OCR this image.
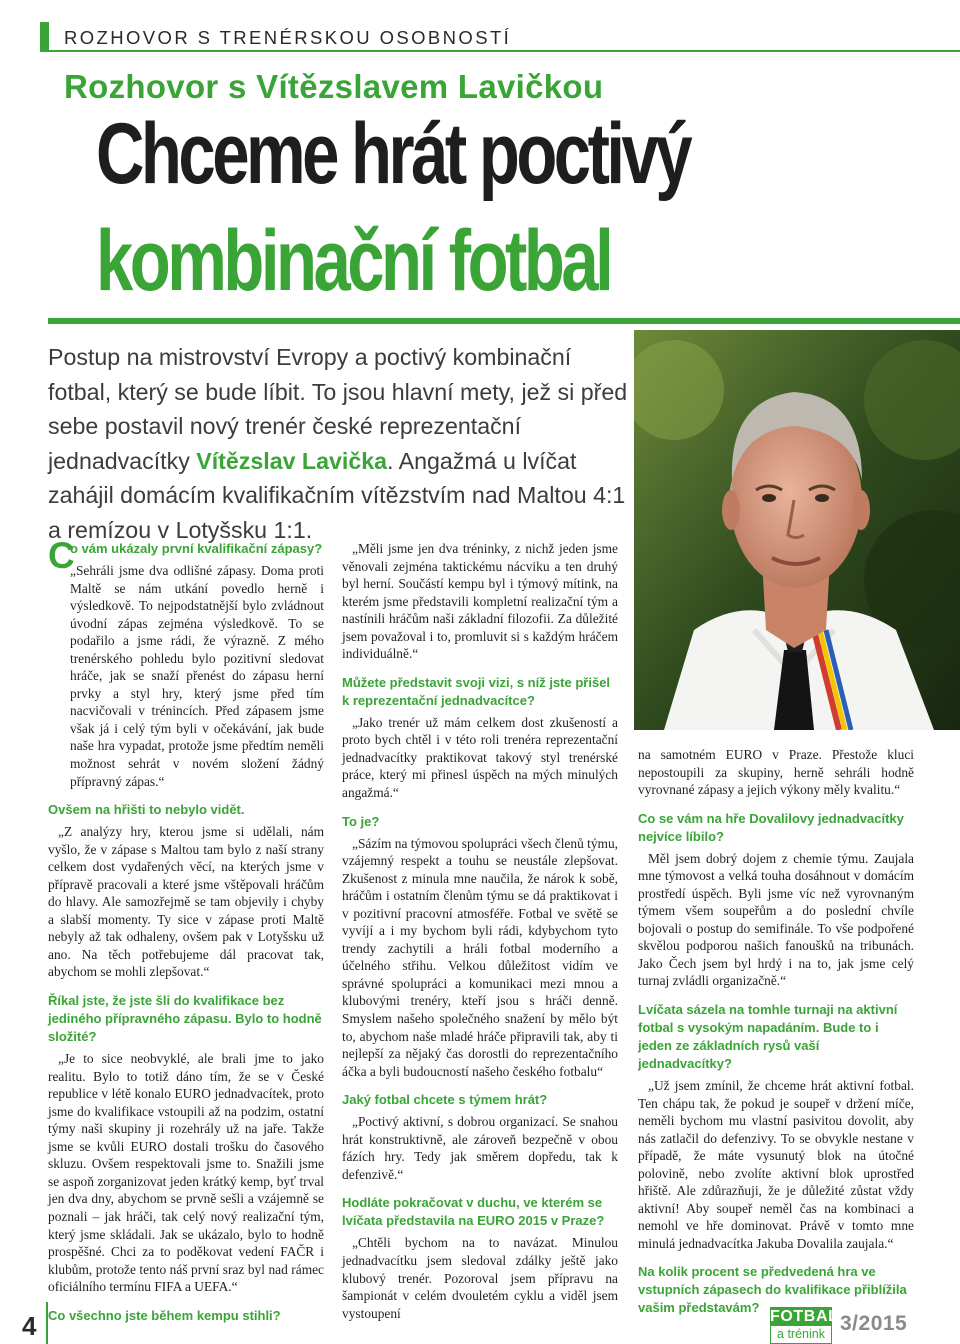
ROZHOVOR S TRENÉRSKOU OSOBNOSTÍ
Rozhovor s Vítězslavem Lavičkou
Chceme hrát poctivý
kombinační fotbal
Postup na mistrovství Evropy a poctivý kombinační fotbal, který se bude líbit. To jsou hlavní mety, jež si před sebe postavil nový trenér české reprezentační jednadvacítky Vítězslav Lavička. Angažmá u lvíčat zahájil domácím kvalifikačním vítězstvím nad Maltou 4:1 a remízou v Lotyšsku 1:1.
C
o vám ukázaly první kvalifikační zápasy?

„Sehráli jsme dva odlišné zápasy. Doma proti Maltě se nám utkání povedlo herně i výsledkově. To nejpodstatnější bylo zvládnout úvodní zápas zejména výsledkově. To se podařilo a jsme rádi, že výrazně. Z mého trenérského pohledu bylo pozitivní sledovat hráče, jak se snaží přenést do zápasu herní prvky a styl hry, který jsme před tím nacvičovali v trénincích. Před zápasem jsme však já i celý tým byli v očekávání, jak bude naše hra vypadat, protože jsme předtím neměli možnost sehrát v novém složení žádný přípravný zápas.“

Ovšem na hřišti to nebylo vidět.

„Z analýzy hry, kterou jsme si udělali, nám vyšlo, že v zápase s Maltou tam bylo z naší strany celkem dost vydařených věcí, na kterých jsme v přípravě pracovali a které jsme vštěpovali hráčům do hlavy. Ale samozřejmě se tam objevily i chyby a slabší momenty. Ty sice v zápase proti Maltě nebyly až tak odhaleny, ovšem pak v Lotyšsku už ano. Na těch potřebujeme dál pracovat tak, abychom se mohli zlepšovat.“

Říkal jste, že jste šli do kvalifikace bez jediného přípravného zápasu. Bylo to hodně složité?

„Je to sice neobvyklé, ale brali jme to jako realitu. Bylo to totiž dáno tím, že se v České republice v létě konalo EURO jednadvacítek, proto jsme do kvalifikace vstoupili až na podzim, ostatní týmy naši skupiny ji rozehrály už na jaře. Takže jsme se kvůli EURO dostali trošku do časového skluzu. Ovšem respektovali jsme to. Snažili jsme se aspoň zorganizovat jeden krátký kemp, byť trval jen dva dny, abychom se prvně sešli a vzájemně se poznali – jak hráči, tak celý nový realizační tým, který jsme skládali. Jak se ukázalo, bylo to hodně prospěšné. Chci za to poděkovat vedení FAČR i klubům, protože tento náš první sraz byl nad rámec oficiálního termínu FIFA a UEFA.“

Co všechno jste během kempu stihli?

„Měli jsme jen dva tréninky, z nichž jeden jsme věnovali zejména taktickému nácviku a ten druhý byl herní. Součástí kempu byl i týmový mítink, na kterém jsme představili kompletní realizační tým a nastínili hráčům naši základní filozofii. Za důležité jsem považoval i to, promluvit si s každým hráčem individuálně.“

Můžete představit svoji vizi, s níž jste přišel k reprezentační jednadvacítce?

„Jako trenér už mám celkem dost zkušeností a proto bych chtěl i v této roli trenéra reprezentační jednadvacítky praktikovat takový styl trenérské práce, který mi přinesl úspěch na mých minulých angažmá.“

To je?

„Sázím na týmovou spolupráci všech členů týmu, vzájemný respekt a touhu se neustále zlepšovat. Zkušenost z minula mne naučila, že nárok k sobě, hráčům i ostatním členům týmu se dá praktikovat i v pozitivní pracovní atmosféře. Fotbal ve světě se vyvíjí a i my bychom byli rádi, kdybychom tyto trendy zachytili a hráli fotbal moderního a účelného střihu. Velkou důležitost vidím ve správné spolupráci a komunikaci mezi mnou a klubovými trenéry, kteří jsou s hráči denně. Smyslem našeho společného snažení by mělo být to, abychom naše mladé hráče připravili tak, aby ti nejlepší za nějaký čas dorostli do reprezentačního áčka a byli budoucností našeho českého fotbalu“

Jaký fotbal chcete s týmem hrát?

„Poctivý aktivní, s dobrou organizací. Se snahou hrát konstruktivně, ale zároveň bezpečně v obou fázích hry. Tedy jak směrem dopředu, tak k defenzivě.“

Hodláte pokračovat v duchu, ve kterém se lvíčata představila na EURO 2015 v Praze?

„Chtěli bychom na to navázat. Minulou jednadvacítku jsem sledoval zdálky ještě jako klubový trenér. Pozoroval jsem přípravu na šampionát v celém dvouletém cyklu a viděl jsem vystoupení

na samotném EURO v Praze. Přestože kluci nepostoupili za skupiny, herně sehráli hodně vyrovnané zápasy a jejich výkony měly kvalitu.“

Co se vám na hře Dovalilovy jednadvacítky nejvíce líbilo?

Měl jsem dobrý dojem z chemie týmu. Zaujala mne týmovost a velká touha dosáhnout v domácím prostředí úspěch. Byli jsme víc než vyrovnaným týmem všem soupeřům a do poslední chvíle bojovali o postup do semifinále. To vše podpořené skvělou podporou našich fanoušků na tribunách. Jako Čech jsem byl hrdý i na to, jak jsme celý turnaj zvládli organizačně.“

Lvíčata sázela na tomhle turnaji na aktivní fotbal s vysokým napadáním. Bude to i jeden ze základních rysů vaší jednadvacítky?

„Už jsem zmínil, že chceme hrát aktivní fotbal. Ten chápu tak, že pokud je soupeř v držení míče, neměli bychom mu vlastní pasivitou dovolit, aby nás zatlačil do defenzivy. To se obvykle nestane v případě, že máte vysunutý blok na útočné polovině, nebo zvolíte aktivní blok uprostřed hřiště. Ale zdůrazňuji, že je důležité zůstat vždy aktivní! Aby soupeř neměl čas na kombinaci a nemohl ve hře dominovat. Právě v tomto mne minulá jednadvacítka Jakuba Dovalila zaujala.“

Na kolik procent se předvedená hra ve vstupních zápasech do kvalifikace přiblížila vašim představám?
4	FOTBAL
a trénink 3/2015
